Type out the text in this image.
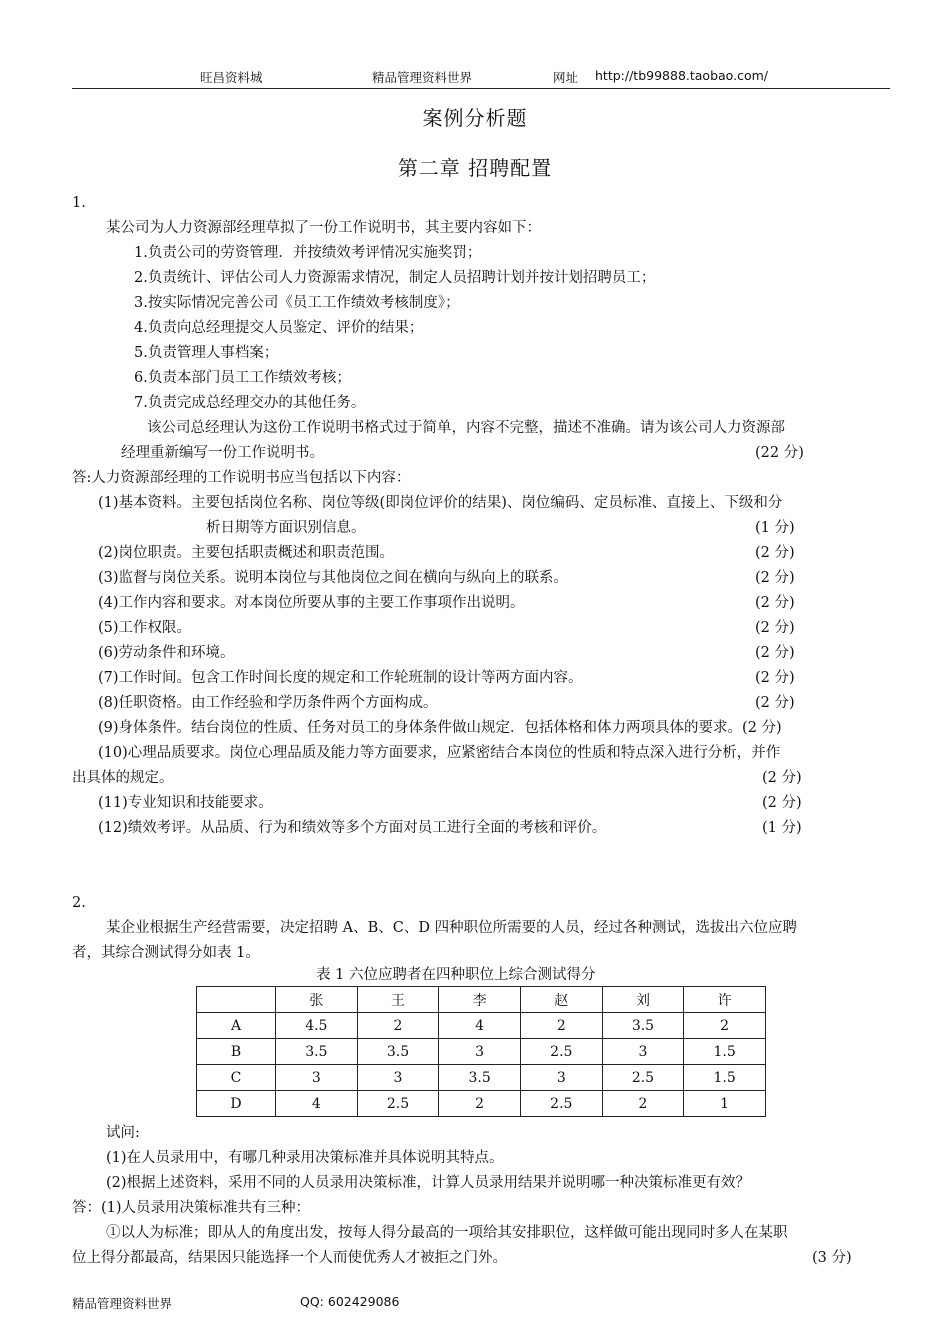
旺昌资料城	精品管理资料世界	网址 http://tb99888.taobao.com/
案例分析题
第二章 招聘配置
1.
某公司为人力资源部经理草拟了一份工作说明书，其主要内容如下：
1.负责公司的劳资管理．并按绩效考评情况实施奖罚；
2.负责统计、评估公司人力资源需求情况，制定人员招聘计划并按计划招聘员工；
3.按实际情况完善公司《员工工作绩效考核制度》；
4.负责向总经理提交人员鉴定、评价的结果；
5.负责管理人事档案；
6.负责本部门员工工作绩效考核；
7.负责完成总经理交办的其他任务。
该公司总经理认为这份工作说明书格式过于简单，内容不完整，描述不准确。请为该公司人力资源部
经理重新编写一份工作说明书。	(22 分)
答:人力资源部经理的工作说明书应当包括以下内容：
(1)基本资料。主要包括岗位名称、岗位等级(即岗位评价的结果)、岗位编码、定员标准、直接上、下级和分
析日期等方面识别信息。	(1 分)
(2)岗位职责。主要包括职责概述和职责范围。	(2 分)
(3)监督与岗位关系。说明本岗位与其他岗位之间在横向与纵向上的联系。	(2 分)
(4)工作内容和要求。对本岗位所要从事的主要工作事项作出说明。	(2 分)
(5)工作权限。	(2 分)
(6)劳动条件和环境。	(2 分)
(7)工作时间。包含工作时间长度的规定和工作轮班制的设计等两方面内容。	(2 分)
(8)任职资格。由工作经验和学历条件两个方面构成。	(2 分)
(9)身体条件。结台岗位的性质、任务对员工的身体条件做山规定．包括体格和体力两项具体的要求。(2 分)
(10)心理品质要求。岗位心理品质及能力等方面要求，应紧密结合本岗位的性质和特点深入进行分析，并作
出具体的规定。	(2 分)
(11)专业知识和技能要求。	(2 分)
(12)绩效考评。从品质、行为和绩效等多个方面对员工进行全面的考核和评价。	(1 分)
2.
某企业根据生产经营需要，决定招聘 A、B、C、D 四种职位所需要的人员，经过各种测试，选拔出六位应聘
者，其综合测试得分如表 1。
表 1 六位应聘者在四种职位上综合测试得分
	张	王	李	赵	刘	许
A	4.5	2	4	2	3.5	2
B	3.5	3.5	3	2.5	3	1.5
C	3	3	3.5	3	2.5	1.5
D	4	2.5	2	2.5	2	1
试问:
(1)在人员录用中，有哪几种录用决策标准并具体说明其特点。
(2)根据上述资料，采用不同的人员录用决策标准，计算人员录用结果并说明哪一种决策标准更有效？
答：(1)人员录用决策标准共有三种：
①以人为标准；即从人的角度出发，按每人得分最高的一项给其安排职位，这样做可能出现同时多人在某职
位上得分都最高，结果因只能选择一个人而使优秀人才被拒之门外。	(3 分)
精品管理资料世界	QQ: 602429086
